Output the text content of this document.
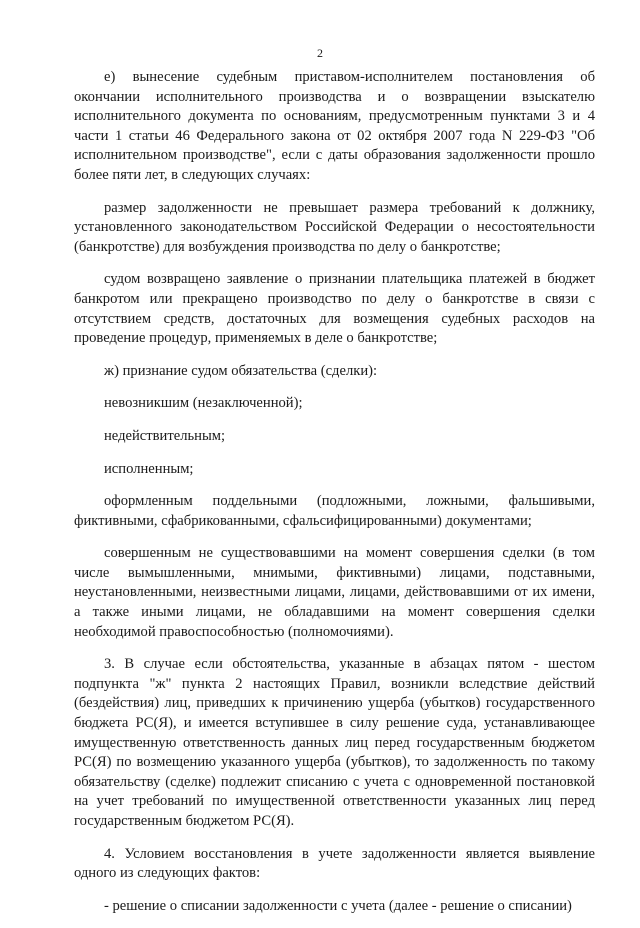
2

е) вынесение судебным приставом-исполнителем постановления об окончании исполнительного производства и о возвращении взыскателю исполнительного документа по основаниям, предусмотренным пунктами 3 и 4 части 1 статьи 46 Федерального закона от 02 октября 2007 года N 229-ФЗ "Об исполнительном производстве", если с даты образования задолженности прошло более пяти лет, в следующих случаях:

размер задолженности не превышает размера требований к должнику, установленного законодательством Российской Федерации о несостоятельности (банкротстве) для возбуждения производства по делу о банкротстве;

судом возвращено заявление о признании плательщика платежей в бюджет банкротом или прекращено производство по делу о банкротстве в связи с отсутствием средств, достаточных для возмещения судебных расходов на проведение процедур, применяемых в деле о банкротстве;

ж) признание судом обязательства (сделки):

невозникшим (незаключенной);

недействительным;

исполненным;

оформленным поддельными (подложными, ложными, фальшивыми, фиктивными, сфабрикованными, сфальсифицированными) документами;

совершенным не существовавшими на момент совершения сделки (в том числе вымышленными, мнимыми, фиктивными) лицами, подставными, неустановленными, неизвестными лицами, лицами, действовавшими от их имени, а также иными лицами, не обладавшими на момент совершения сделки необходимой правоспособностью (полномочиями).

3. В случае если обстоятельства, указанные в абзацах пятом - шестом подпункта "ж" пункта 2 настоящих Правил, возникли вследствие действий (бездействия) лиц, приведших к причинению ущерба (убытков) государственного бюджета РС(Я), и имеется вступившее в силу решение суда, устанавливающее имущественную ответственность данных лиц перед государственным бюджетом РС(Я) по возмещению указанного ущерба (убытков), то задолженность по такому обязательству (сделке) подлежит списанию с учета с одновременной постановкой на учет требований по имущественной ответственности указанных лиц перед государственным бюджетом РС(Я).

4. Условием восстановления в учете задолженности является выявление одного из следующих фактов:

- решение о списании задолженности с учета (далее - решение о списании)
